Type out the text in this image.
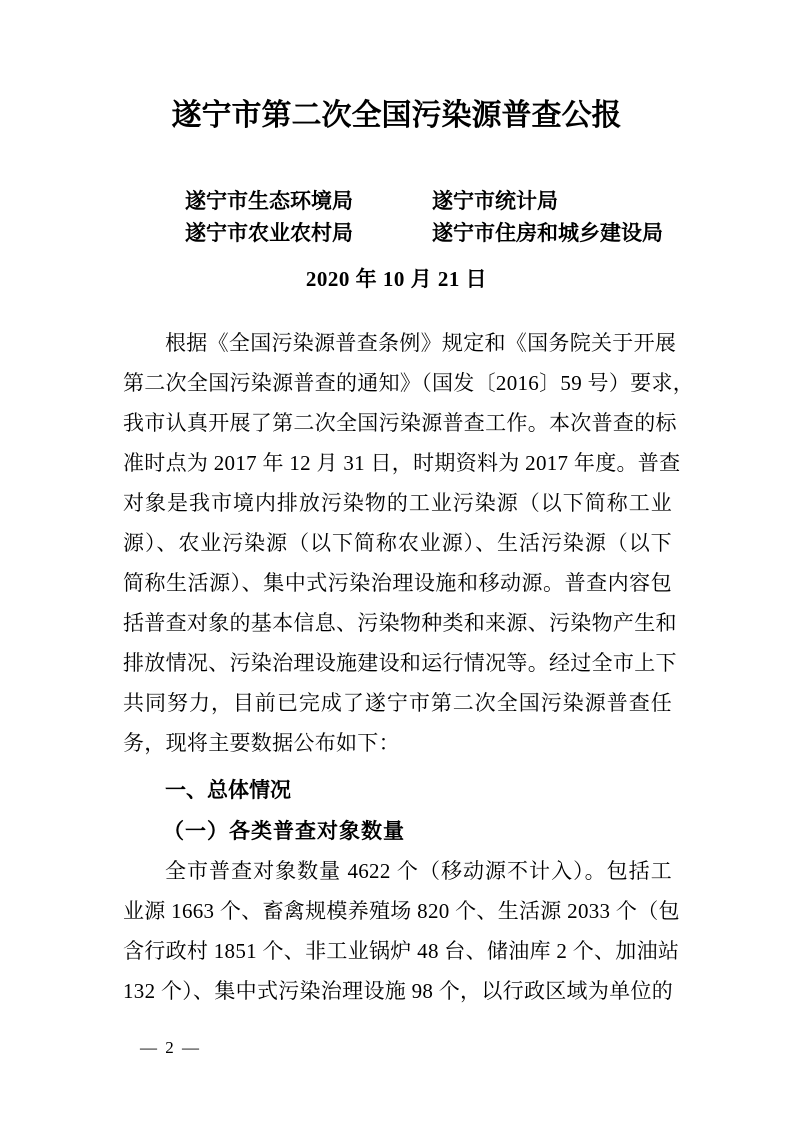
遂宁市第二次全国污染源普查公报
遂宁市生态环境局	遂宁市统计局
遂宁市农业农村局	遂宁市住房和城乡建设局
2020 年 10 月 21 日
根据《全国污染源普查条例》规定和《国务院关于开展
第二次全国污染源普查的通知》（国发〔2016〕59 号）要求，
我市认真开展了第二次全国污染源普查工作。本次普查的标
准时点为 2017 年 12 月 31 日，时期资料为 2017 年度。普查
对象是我市境内排放污染物的工业污染源（以下简称工业
源）、农业污染源（以下简称农业源）、生活污染源（以下
简称生活源）、集中式污染治理设施和移动源。普查内容包
括普查对象的基本信息、污染物种类和来源、污染物产生和
排放情况、污染治理设施建设和运行情况等。经过全市上下
共同努力，目前已完成了遂宁市第二次全国污染源普查任
务，现将主要数据公布如下：
一、总体情况
（一）各类普查对象数量
全市普查对象数量 4622 个（移动源不计入）。包括工
业源 1663 个、畜禽规模养殖场 820 个、生活源 2033 个（包
含行政村 1851 个、非工业锅炉 48 台、储油库 2 个、加油站
132 个）、集中式污染治理设施 98 个，以行政区域为单位的
— 2 —
